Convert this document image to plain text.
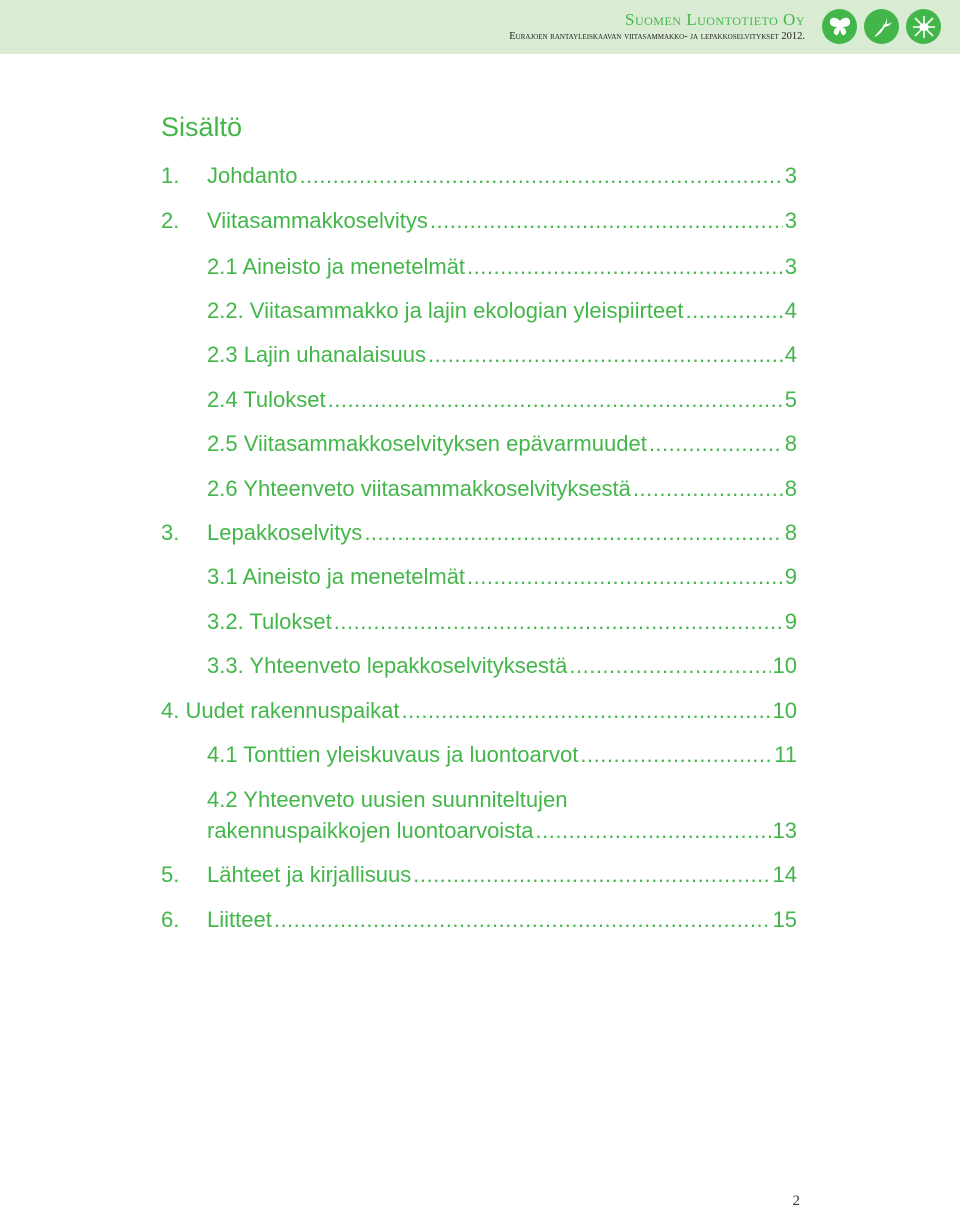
Suomen Luontotieto Oy
Eurajoen rantayleiskaavan viitasammakko- ja lepakkoselvitykset 2012.
Sisältö
1.	Johdanto .....	3
2.	Viitasammakkoselvitys .....	3
2.1 Aineisto ja menetelmät .....	3
2.2. Viitasammakko ja lajin ekologian yleispiirteet .....	4
2.3 Lajin uhanalaisuus .....	4
2.4 Tulokset .....	5
2.5 Viitasammakkoselvityksen epävarmuudet .....	8
2.6 Yhteenveto viitasammakkoselvityksestä .....	8
3.	Lepakkoselvitys .....	8
3.1 Aineisto ja menetelmät .....	9
3.2. Tulokset .....	9
3.3. Yhteenveto lepakkoselvityksestä .....	10
4. Uudet rakennuspaikat .....	10
4.1 Tonttien yleiskuvaus ja luontoarvot .....	11
4.2 Yhteenveto uusien suunniteltujen
rakennuspaikkojen luontoarvoista .....	13
5.	Lähteet ja kirjallisuus .....	14
6.	Liitteet .....	15
2
